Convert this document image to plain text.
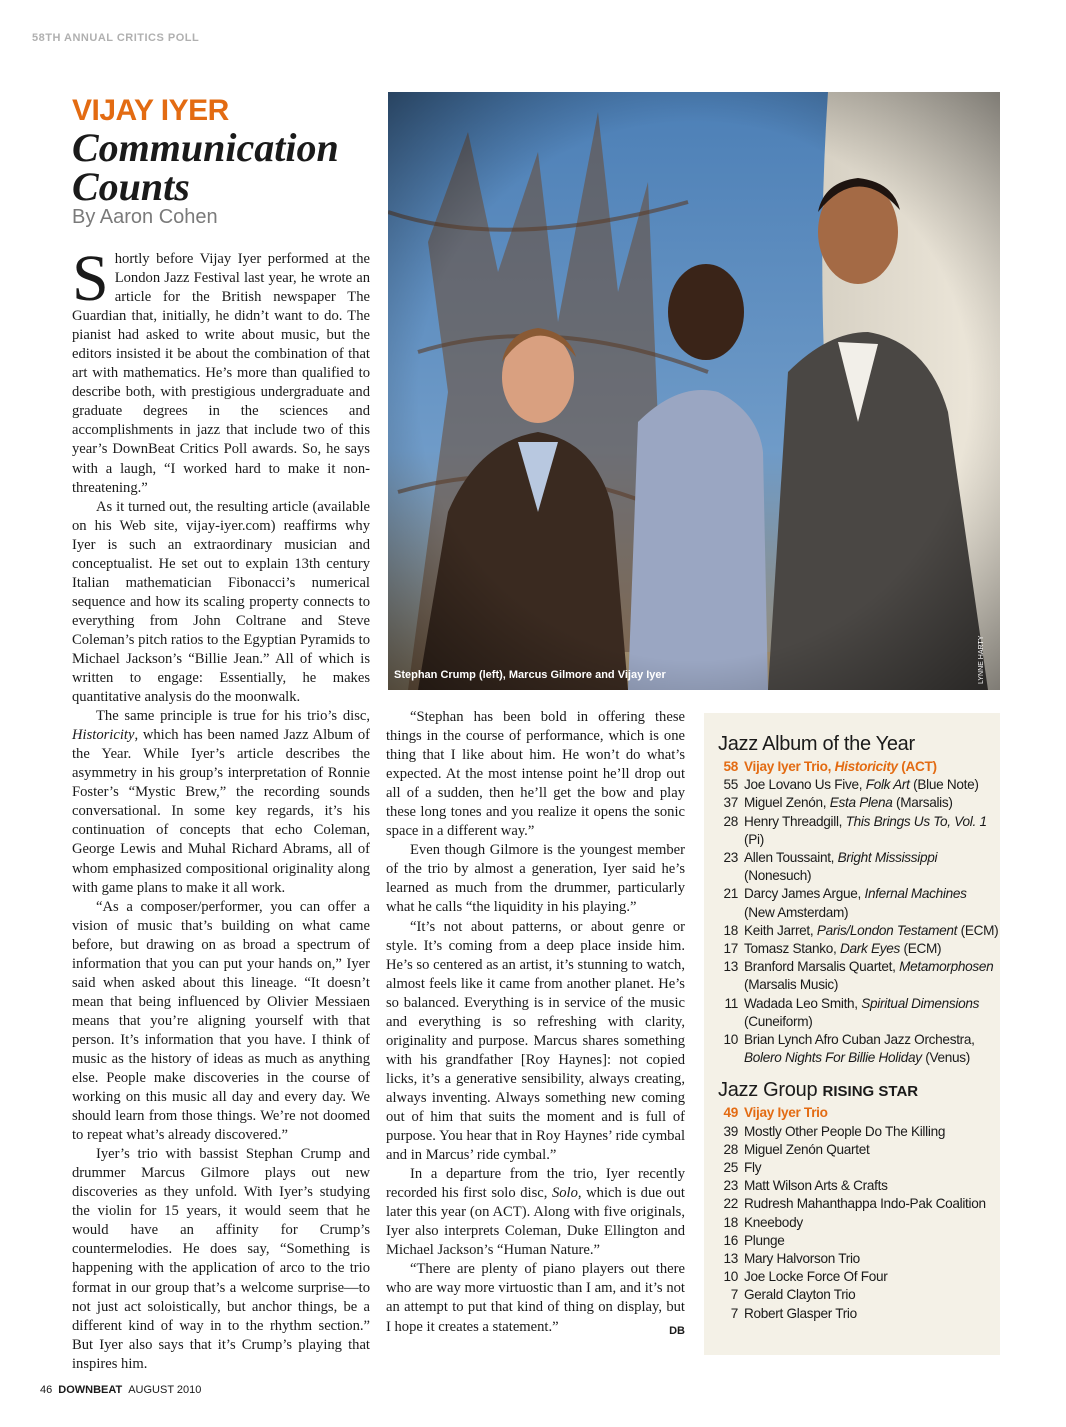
58TH ANNUAL CRITICS POLL
VIJAY IYER
Communication
Counts
By Aaron Cohen

Shortly before Vijay Iyer performed at the London Jazz Festival last year, he wrote an article for the British newspaper The Guardian that, initially, he didn’t want to do. The pianist had asked to write about music, but the editors insisted it be about the combination of that art with mathematics. He’s more than qualified to describe both, with prestigious undergraduate and graduate degrees in the sciences and accomplishments in jazz that include two of this year’s DownBeat Critics Poll awards. So, he says with a laugh, “I worked hard to make it non-threatening.”

As it turned out, the resulting article (available on his Web site, vijay-iyer.com) reaffirms why Iyer is such an extraordinary musician and conceptualist. He set out to explain 13th century Italian mathematician Fibonacci’s numerical sequence and how its scaling property connects to everything from John Coltrane and Steve Coleman’s pitch ratios to the Egyptian Pyramids to Michael Jackson’s “Billie Jean.” All of which is written to engage: Essentially, he makes quantitative analysis do the moonwalk.

The same principle is true for his trio’s disc, Historicity, which has been named Jazz Album of the Year. While Iyer’s article describes the asymmetry in his group’s interpretation of Ronnie Foster’s “Mystic Brew,” the recording sounds conversational. In some key regards, it’s his continuation of concepts that echo Coleman, George Lewis and Muhal Richard Abrams, all of whom emphasized compositional originality along with game plans to make it all work.

“As a composer/performer, you can offer a vision of music that’s building on what came before, but drawing on as broad a spectrum of information that you can put your hands on,” Iyer said when asked about this lineage. “It doesn’t mean that being influenced by Olivier Messiaen means that you’re aligning yourself with that person. It’s information that you have. I think of music as the history of ideas as much as anything else. People make discoveries in the course of working on this music all day and every day. We should learn from those things. We’re not doomed to repeat what’s already discovered.”

Iyer’s trio with bassist Stephan Crump and drummer Marcus Gilmore plays out new discoveries as they unfold. With Iyer’s studying the violin for 15 years, it would seem that he would have an affinity for Crump’s countermelodies. He does say, “Something is happening with the application of arco to the trio format in our group that’s a welcome surprise—to not just act soloistically, but anchor things, be a different kind of way in to the rhythm section.” But Iyer also says that it’s Crump’s playing that inspires him.

Stephan Crump (left), Marcus Gilmore and Vijay Iyer	LYNNE HARTY

“Stephan has been bold in offering these things in the course of performance, which is one thing that I like about him. He won’t do what’s expected. At the most intense point he’ll drop out all of a sudden, then he’ll get the bow and play these long tones and you realize it opens the sonic space in a different way.”

Even though Gilmore is the youngest member of the trio by almost a generation, Iyer said he’s learned as much from the drummer, particularly what he calls “the liquidity in his playing.”

“It’s not about patterns, or about genre or style. It’s coming from a deep place inside him. He’s so centered as an artist, it’s stunning to watch, almost feels like it came from another planet. He’s so balanced. Everything is in service of the music and everything is so refreshing with clarity, originality and purpose. Marcus shares something with his grandfather [Roy Haynes]: not copied licks, it’s a generative sensibility, always creating, always inventing. Always something new coming out of him that suits the moment and is full of purpose. You hear that in Roy Haynes’ ride cymbal and in Marcus’ ride cymbal.”

In a departure from the trio, Iyer recently recorded his first solo disc, Solo, which is due out later this year (on ACT). Along with five originals, Iyer also interprets Coleman, Duke Ellington and Michael Jackson’s “Human Nature.”

“There are plenty of piano players out there who are way more virtuostic than I am, and it’s not an attempt to put that kind of thing on display, but I hope it creates a statement.”	DB

Jazz Album of the Year
58 Vijay Iyer Trio, Historicity (ACT)
55 Joe Lovano Us Five, Folk Art (Blue Note)
37 Miguel Zenón, Esta Plena (Marsalis)
28 Henry Threadgill, This Brings Us To, Vol. 1 (Pi)
23 Allen Toussaint, Bright Mississippi (Nonesuch)
21 Darcy James Argue, Infernal Machines (New Amsterdam)
18 Keith Jarret, Paris/London Testament (ECM)
17 Tomasz Stanko, Dark Eyes (ECM)
13 Branford Marsalis Quartet, Metamorphosen (Marsalis Music)
11 Wadada Leo Smith, Spiritual Dimensions (Cuneiform)
10 Brian Lynch Afro Cuban Jazz Orchestra, Bolero Nights For Billie Holiday (Venus)
Jazz Group RISING STAR
49 Vijay Iyer Trio
39 Mostly Other People Do The Killing
28 Miguel Zenón Quartet
25 Fly
23 Matt Wilson Arts & Crafts
22 Rudresh Mahanthappa Indo-Pak Coalition
18 Kneebody
16 Plunge
13 Mary Halvorson Trio
10 Joe Locke Force Of Four
7 Gerald Clayton Trio
7 Robert Glasper Trio
46 DOWNBEAT AUGUST 2010
